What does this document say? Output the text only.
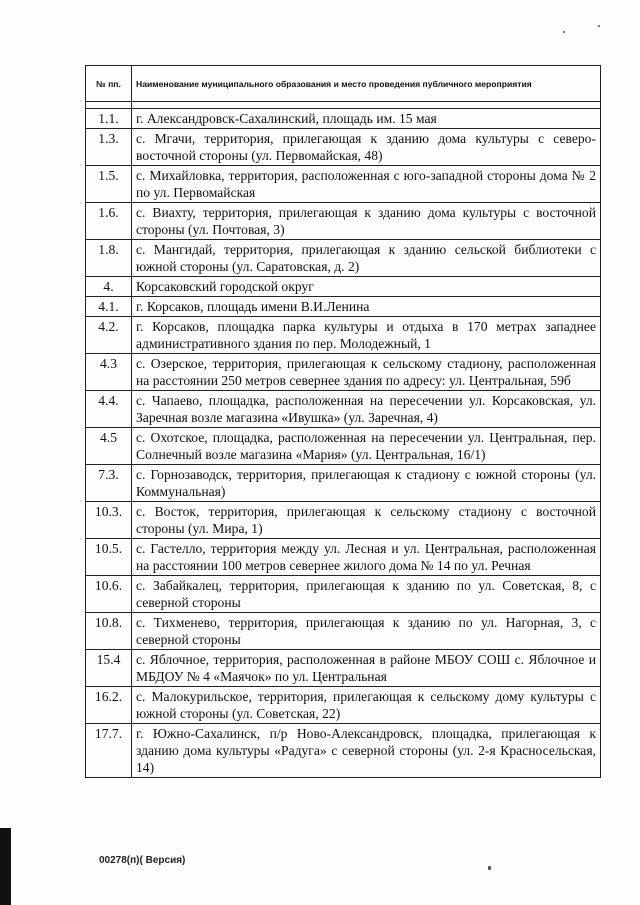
№ пп.	Наименование муниципального образования и место проведения публичного мероприятия

1.1.	г. Александровск-Сахалинский, площадь им. 15 мая
1.3.	с. Мгачи, территория, прилегающая к зданию дома культуры с северо-восточной стороны (ул. Первомайская, 48)
1.5.	с. Михайловка, территория, расположенная с юго-западной стороны дома № 2 по ул. Первомайская
1.6.	с. Виахту, территория, прилегающая к зданию дома культуры с восточной стороны (ул. Почтовая, 3)
1.8.	с. Мангидай, территория, прилегающая к зданию сельской библиотеки с южной стороны (ул. Саратовская, д. 2)
4.	Корсаковский городской округ
4.1.	г. Корсаков, площадь имени В.И.Ленина
4.2.	г. Корсаков, площадка парка культуры и отдыха в 170 метрах западнее административного здания по пер. Молодежный, 1
4.3	с. Озерское, территория, прилегающая к сельскому стадиону, расположенная на расстоянии 250 метров севернее здания по адресу: ул. Центральная, 59б
4.4.	с. Чапаево, площадка, расположенная на пересечении ул. Корсаковская, ул. Заречная возле магазина «Ивушка» (ул. Заречная, 4)
4.5	с. Охотское, площадка, расположенная на пересечении ул. Центральная, пер. Солнечный возле магазина «Мария» (ул. Центральная, 16/1)
7.3.	с. Горнозаводск, территория, прилегающая к стадиону с южной стороны (ул. Коммунальная)
10.3.	с. Восток, территория, прилегающая к сельскому стадиону с восточной стороны (ул. Мира, 1)
10.5.	с. Гастелло, территория между ул. Лесная и ул. Центральная, расположенная на расстоянии 100 метров севернее жилого дома № 14 по ул. Речная
10.6.	с. Забайкалец, территория, прилегающая к зданию по ул. Советская, 8, с северной стороны
10.8.	с. Тихменево, территория, прилегающая к зданию по ул. Нагорная, 3, с северной стороны
15.4	с. Яблочное, территория, расположенная в районе МБОУ СОШ с. Яблочное и МБДОУ № 4 «Маячок» по ул. Центральная
16.2.	с. Малокурильское, территория, прилегающая к сельскому дому культуры с южной стороны (ул. Советская, 22)
17.7.	г. Южно-Сахалинск, п/р Ново-Александровск, площадка, прилегающая к зданию дома культуры «Радуга» с северной стороны (ул. 2-я Красносельская, 14)
00278(п)( Версия)
